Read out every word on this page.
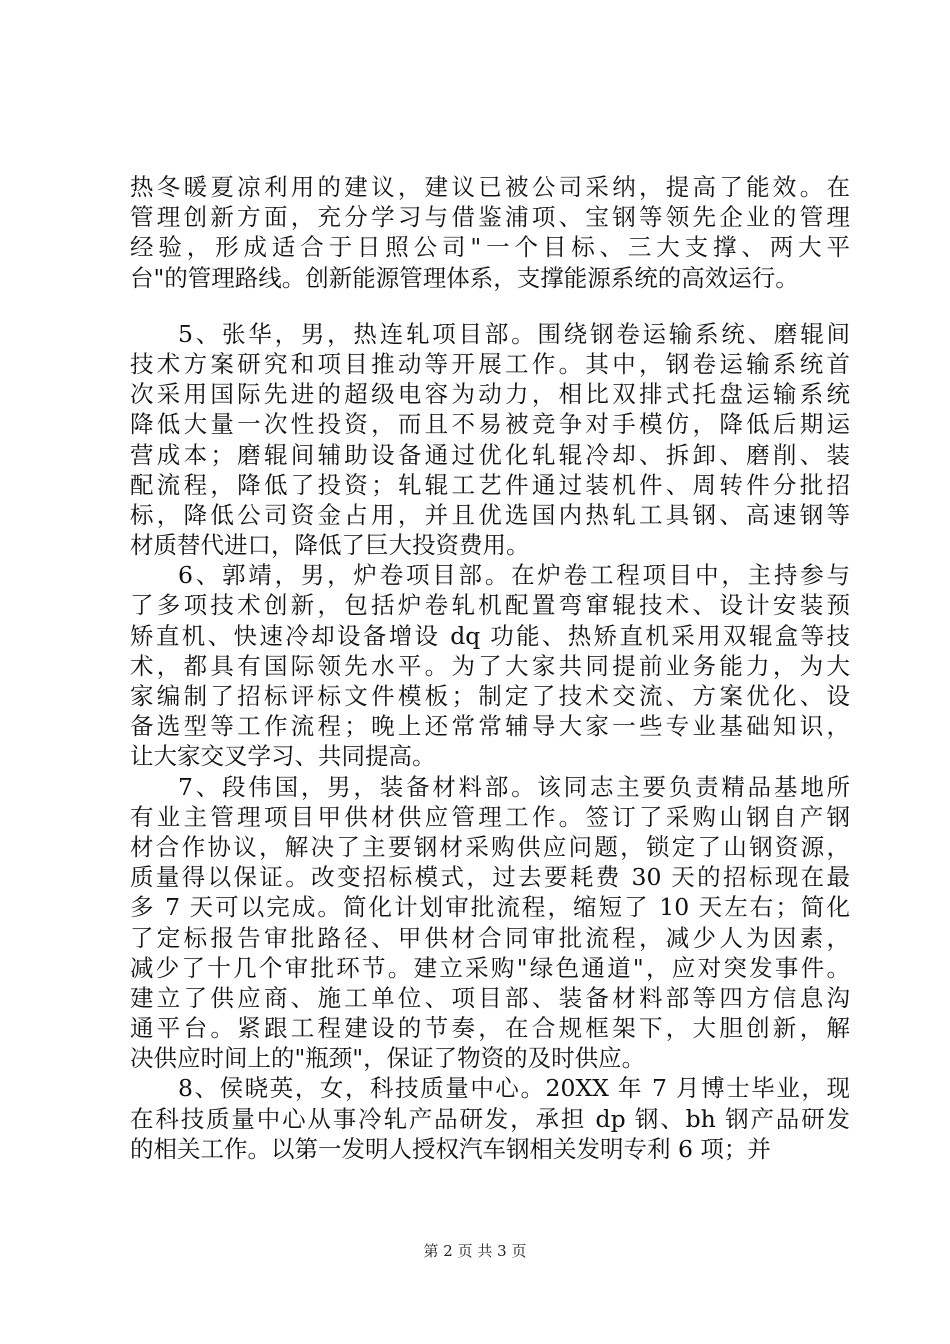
热冬暖夏凉利用的建议，建议已被公司采纳，提高了能效。在
管理创新方面，充分学习与借鉴浦项、宝钢等领先企业的管理
经验，形成适合于日照公司"一个目标、三大支撑、两大平
台"的管理路线。创新能源管理体系，支撑能源系统的高效运行。
5、张华，男，热连轧项目部。围绕钢卷运输系统、磨辊间
技术方案研究和项目推动等开展工作。其中，钢卷运输系统首
次采用国际先进的超级电容为动力，相比双排式托盘运输系统
降低大量一次性投资，而且不易被竞争对手模仿，降低后期运
营成本；磨辊间辅助设备通过优化轧辊冷却、拆卸、磨削、装
配流程，降低了投资；轧辊工艺件通过装机件、周转件分批招
标，降低公司资金占用，并且优选国内热轧工具钢、高速钢等
材质替代进口，降低了巨大投资费用。
6、郭靖，男，炉卷项目部。在炉卷工程项目中，主持参与
了多项技术创新，包括炉卷轧机配置弯窜辊技术、设计安装预
矫直机、快速冷却设备增设 dq 功能、热矫直机采用双辊盒等技
术，都具有国际领先水平。为了大家共同提前业务能力，为大
家编制了招标评标文件模板；制定了技术交流、方案优化、设
备选型等工作流程；晚上还常常辅导大家一些专业基础知识，
让大家交叉学习、共同提高。
7、段伟国，男，装备材料部。该同志主要负责精品基地所
有业主管理项目甲供材供应管理工作。签订了采购山钢自产钢
材合作协议，解决了主要钢材采购供应问题，锁定了山钢资源，
质量得以保证。改变招标模式，过去要耗费 30 天的招标现在最
多 7 天可以完成。简化计划审批流程，缩短了 10 天左右；简化
了定标报告审批路径、甲供材合同审批流程，减少人为因素，
减少了十几个审批环节。建立采购"绿色通道"，应对突发事件。
建立了供应商、施工单位、项目部、装备材料部等四方信息沟
通平台。紧跟工程建设的节奏，在合规框架下，大胆创新，解
决供应时间上的"瓶颈"，保证了物资的及时供应。
8、侯晓英，女，科技质量中心。20XX 年 7 月博士毕业，现
在科技质量中心从事冷轧产品研发，承担 dp 钢、bh 钢产品研发
的相关工作。以第一发明人授权汽车钢相关发明专利 6 项；并
第 2 页 共 3 页
